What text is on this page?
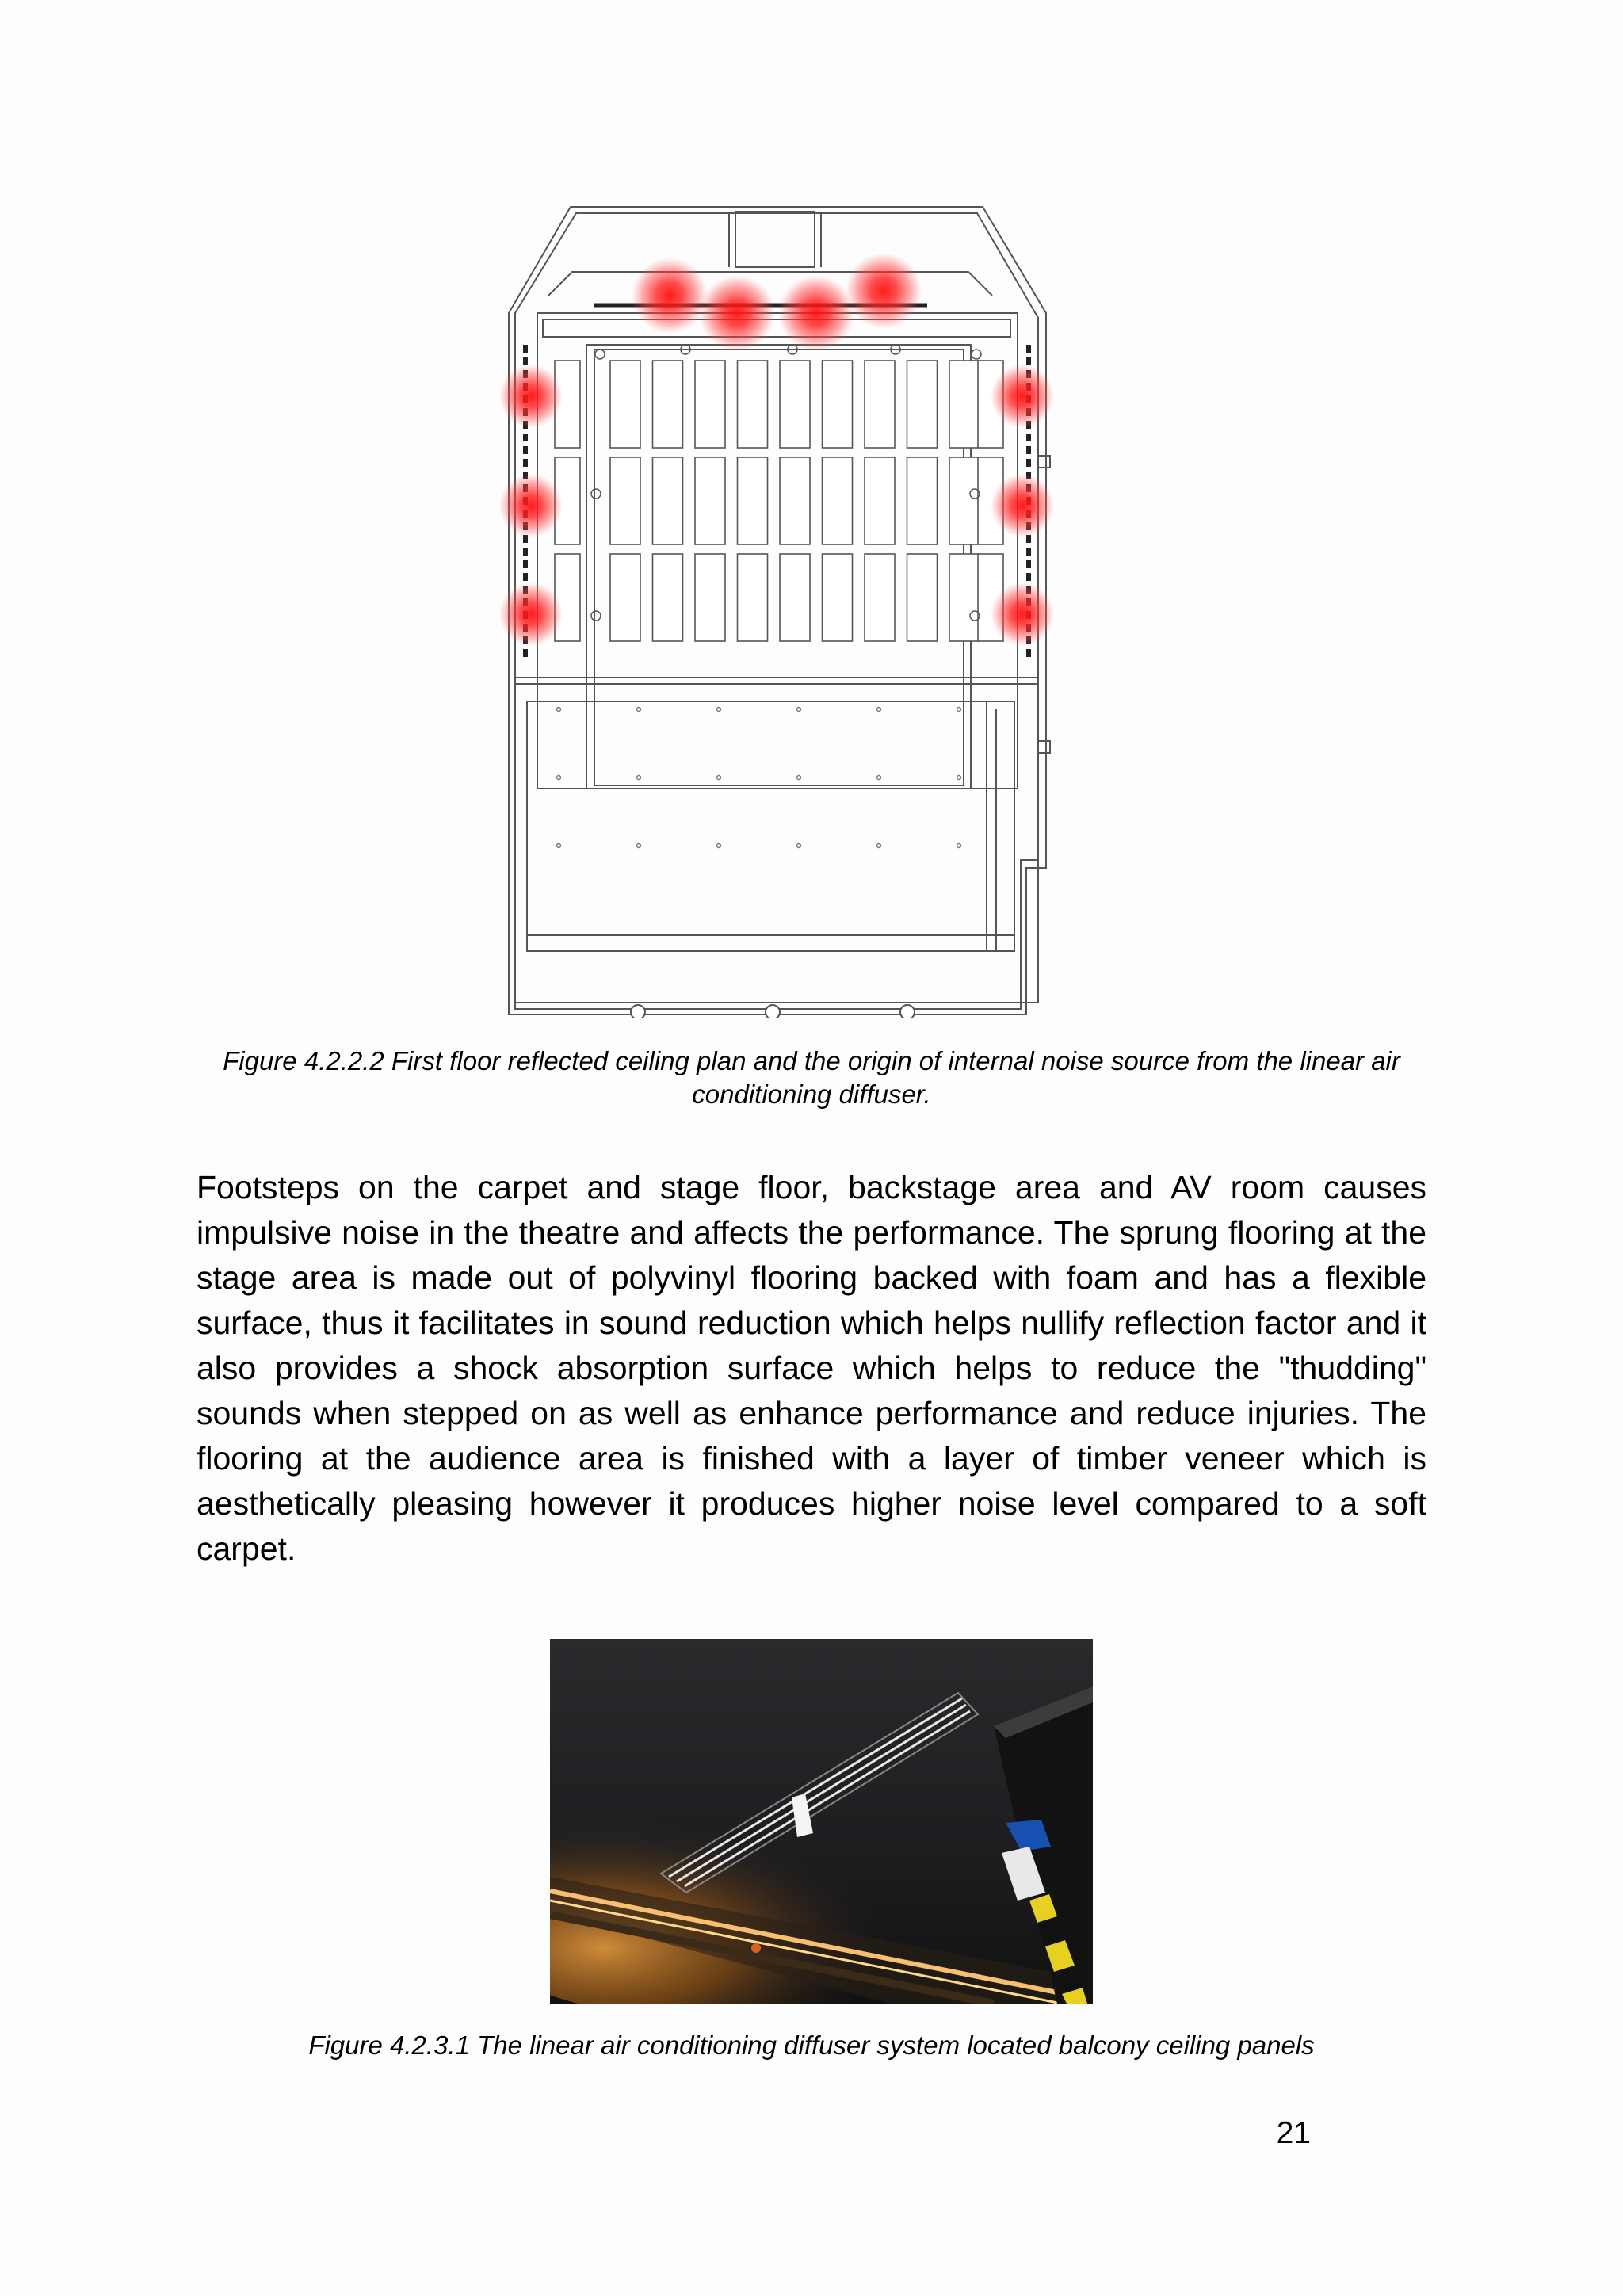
Figure 4.2.2.2 First floor reflected ceiling plan and the origin of internal noise source from the linear air conditioning diffuser.
Footsteps on the carpet and stage floor, backstage area and AV room causes impulsive noise in the theatre and affects the performance. The sprung flooring at the stage area is made out of polyvinyl flooring backed with foam and has a flexible surface, thus it facilitates in sound reduction which helps nullify reflection factor and it also provides a shock absorption surface which helps to reduce the "thudding" sounds when stepped on as well as enhance performance and reduce injuries. The flooring at the audience area is finished with a layer of timber veneer which is aesthetically pleasing however it produces higher noise level compared to a soft carpet.
Figure 4.2.3.1 The linear air conditioning diffuser system located balcony ceiling panels
21
